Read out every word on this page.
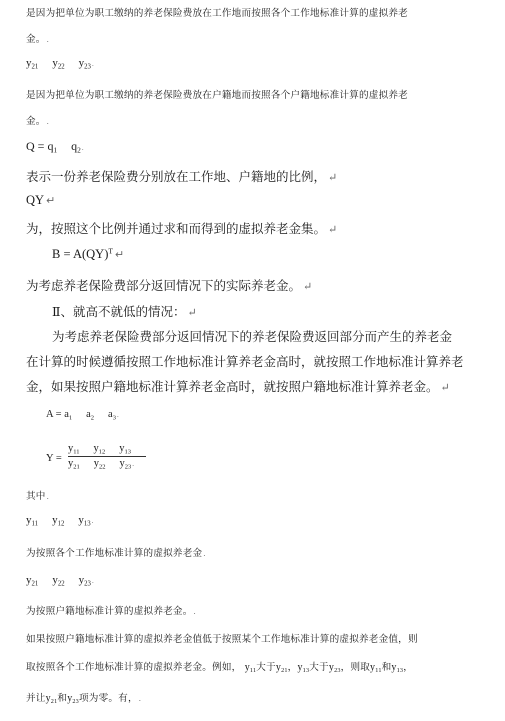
是因为把单位为职工缴纳的养老保险费放在工作地而按照各个工作地标准计算的虚拟养老
金。.
$y_{21}$ $y_{22}$ $y_{23}$.
是因为把单位为职工缴纳的养老保险费放在户籍地而按照各个户籍地标准计算的虚拟养老
金。.
$Q = q_1$ $q_2$.
表示一份养老保险费分别放在工作地、户籍地的比例， ↵
QY ↵
为，按照这个比例并通过求和而得到的虚拟养老金集。 ↵
B = A(QY)$^T$ ↵
为考虑养老保险费部分返回情况下的实际养老金。 ↵
Ⅱ、就高不就低的情况： ↵
为考虑养老保险费部分返回情况下的养老保险费返回部分而产生的养老金
在计算的时候遵循按照工作地标准计算养老金高时，就按照工作地标准计算养老
金，如果按照户籍地标准计算养老金高时，就按照户籍地标准计算养老金。 ↵
$A = a_1$ $a_2$ $a_3$.
Y =
$y_{11}$ $y_{12}$ $y_{13}$
$y_{21}$ $y_{22}$ $y_{23}$.
其中.
$y_{11}$ $y_{12}$ $y_{13}$.
为按照各个工作地标准计算的虚拟养老金.
$y_{21}$ $y_{22}$ $y_{23}$.
为按照户籍地标准计算的虚拟养老金。.
如果按照户籍地标准计算的虚拟养老金值低于按照某个工作地标准计算的虚拟养老金值，则
取按照各个工作地标准计算的虚拟养老金。例如， $y_{11}$大于$y_{21}$，$y_{13}$大于$y_{23}$，则取$y_{11}$和$y_{13}$，
并让$y_{21}$和$y_{23}$项为零。有，.
